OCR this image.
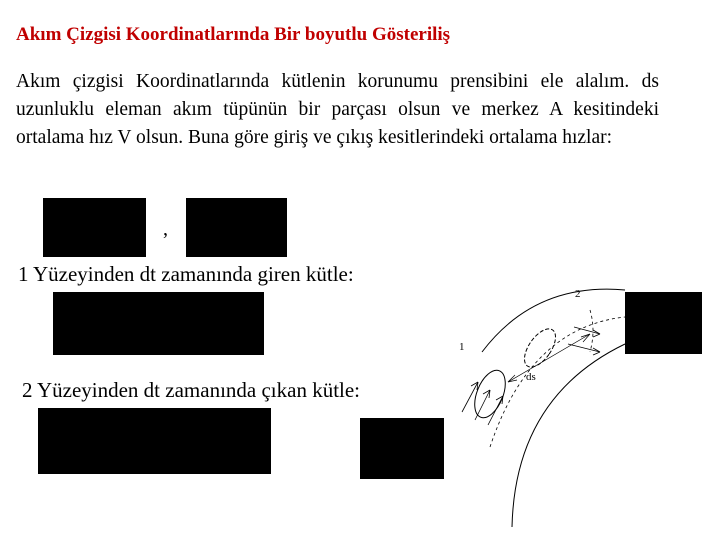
Akım Çizgisi Koordinatlarında Bir boyutlu Gösteriliş
Akım çizgisi Koordinatlarında kütlenin korunumu prensibini ele alalım. ds uzunluklu eleman akım tüpünün bir parçası olsun ve merkez A kesitindeki ortalama hız V olsun. Buna göre giriş ve çıkış kesitlerindeki ortalama hızlar:
,
1 Yüzeyinden dt zamanında giren kütle:
2 Yüzeyinden dt zamanında çıkan kütle:
1
2
ds
